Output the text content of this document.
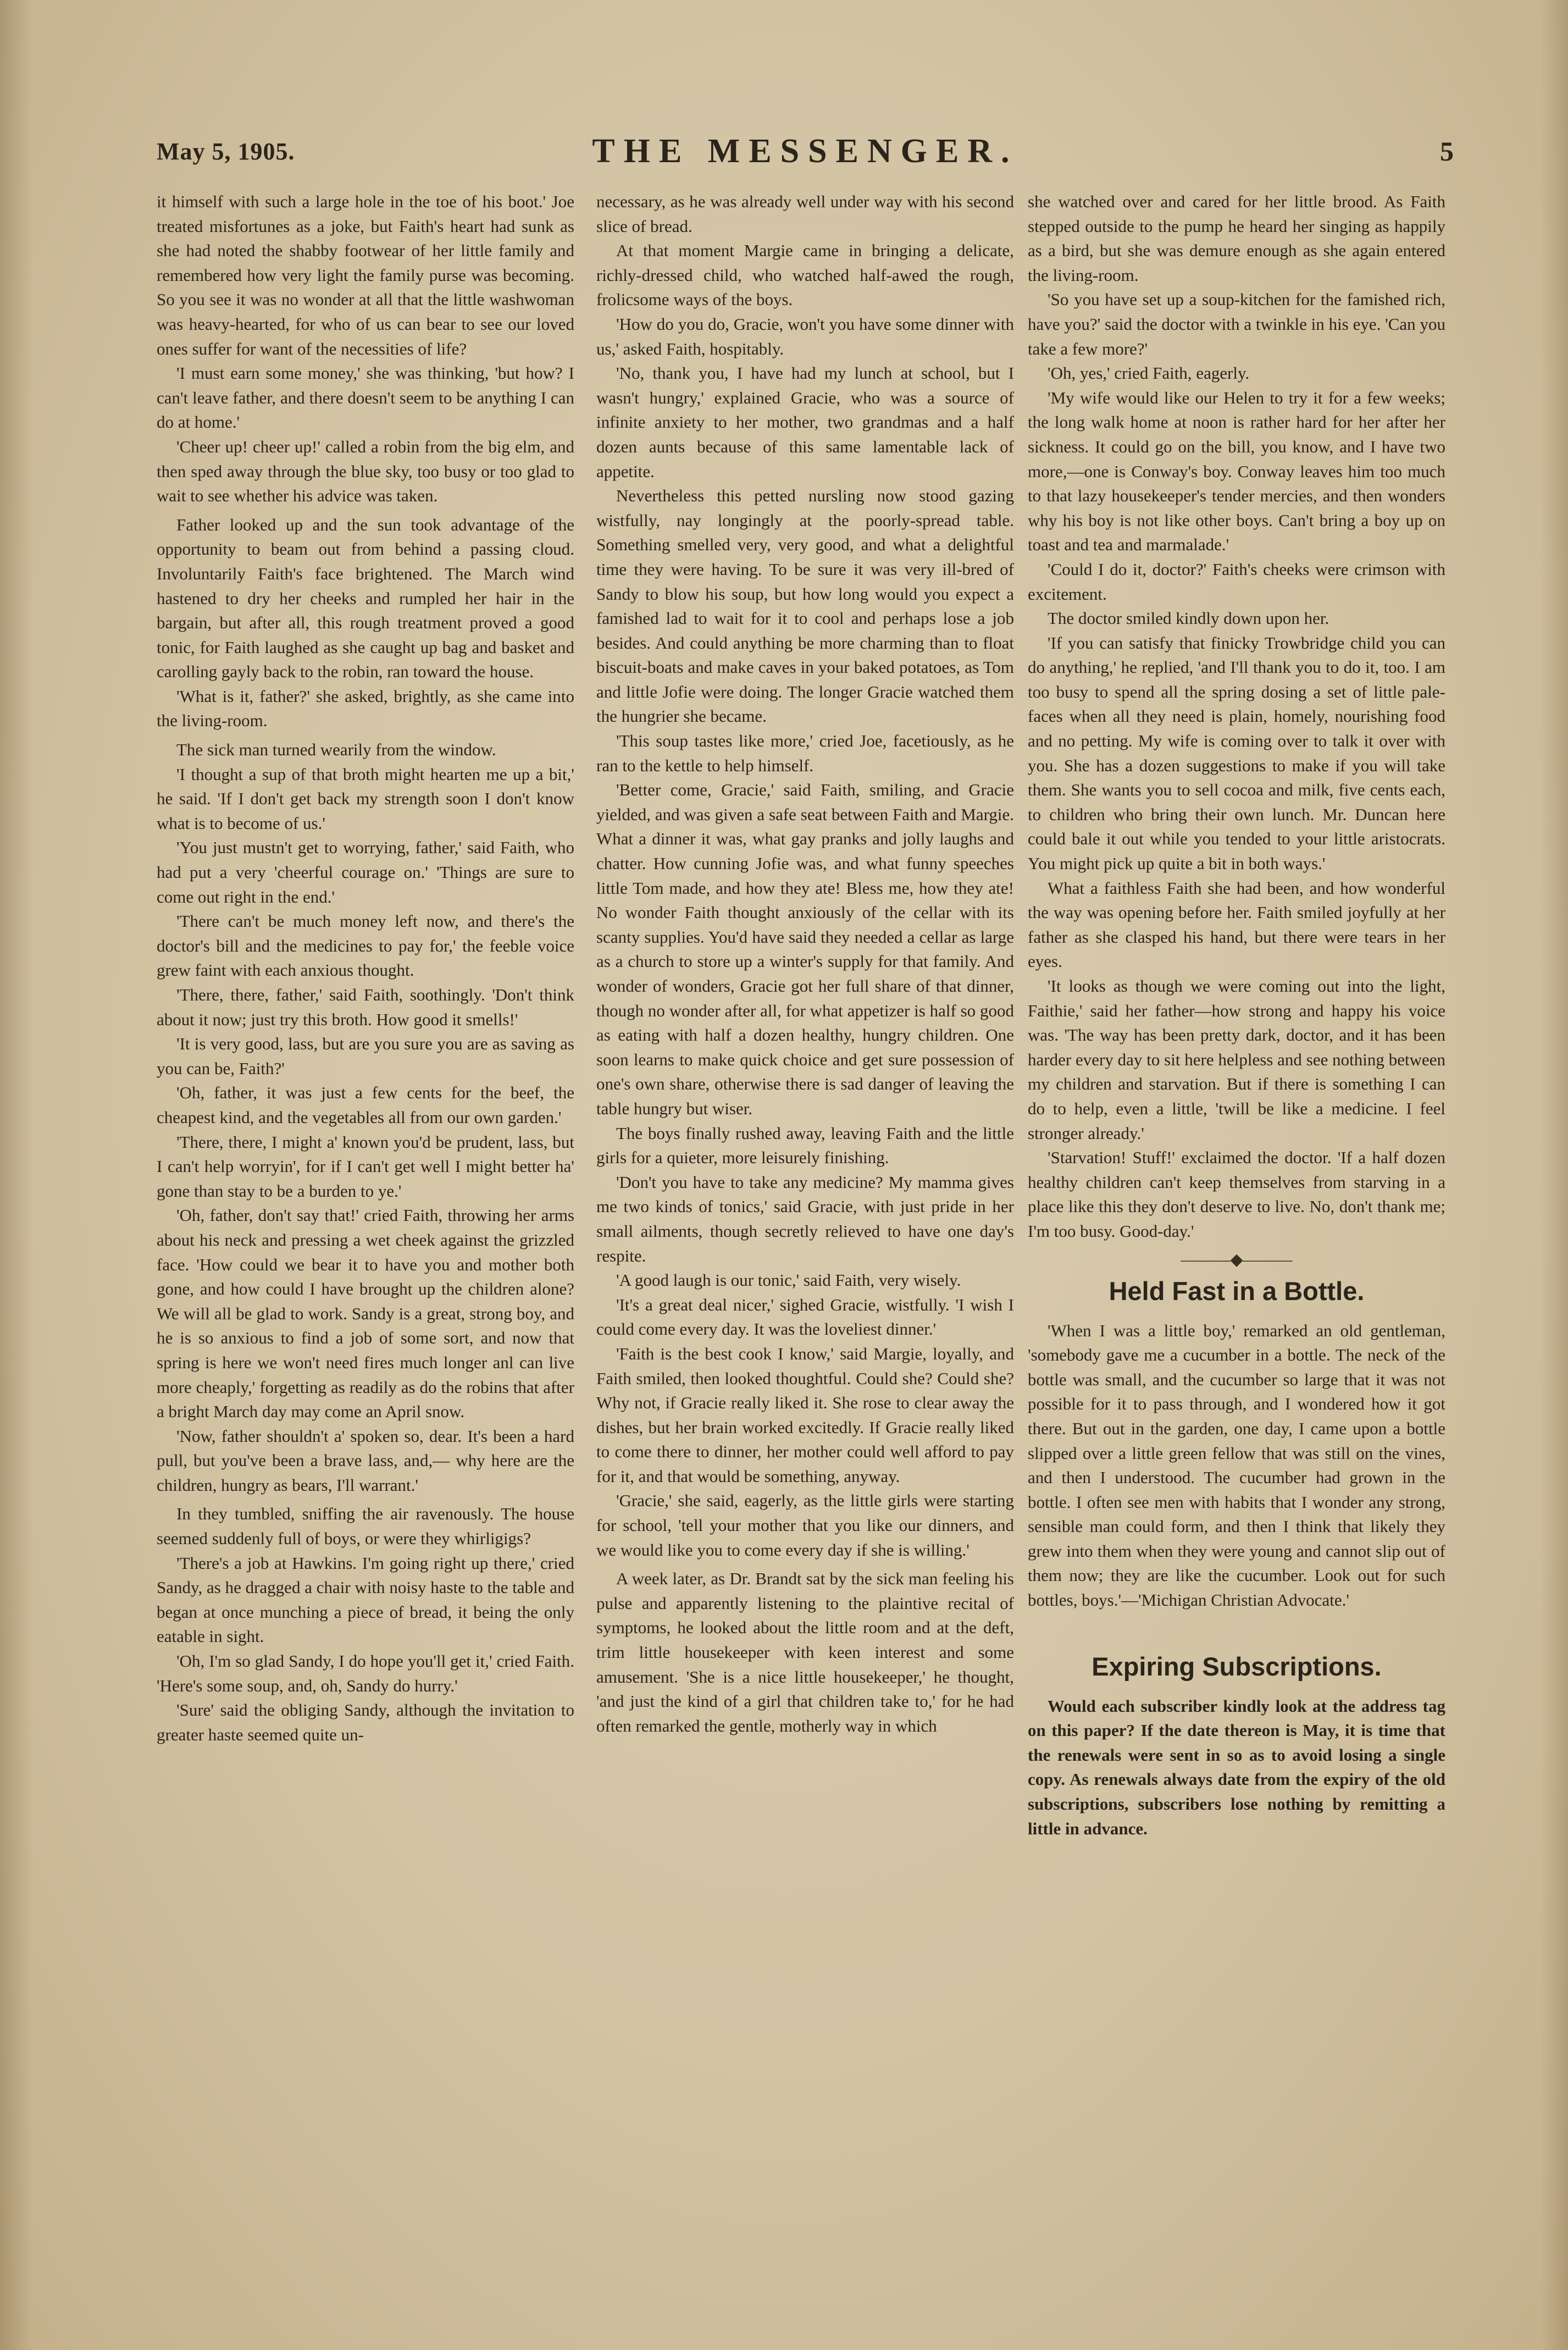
May 5, 1905.	THE MESSENGER.	5

it himself with such a large hole in the toe of his boot.' Joe treated misfortunes as a joke, but Faith's heart had sunk as she had noted the shabby footwear of her little family and remembered how very light the family purse was becoming. So you see it was no wonder at all that the little washwoman was heavy-hearted, for who of us can bear to see our loved ones suffer for want of the necessities of life?

'I must earn some money,' she was thinking, 'but how? I can't leave father, and there doesn't seem to be anything I can do at home.'

'Cheer up! cheer up!' called a robin from the big elm, and then sped away through the blue sky, too busy or too glad to wait to see whether his advice was taken.

Father looked up and the sun took advantage of the opportunity to beam out from behind a passing cloud. Involuntarily Faith's face brightened. The March wind hastened to dry her cheeks and rumpled her hair in the bargain, but after all, this rough treatment proved a good tonic, for Faith laughed as she caught up bag and basket and carolling gayly back to the robin, ran toward the house.

'What is it, father?' she asked, brightly, as she came into the living-room.

The sick man turned wearily from the window.

'I thought a sup of that broth might hearten me up a bit,' he said. 'If I don't get back my strength soon I don't know what is to become of us.'

'You just mustn't get to worrying, father,' said Faith, who had put a very 'cheerful courage on.' 'Things are sure to come out right in the end.'

'There can't be much money left now, and there's the doctor's bill and the medicines to pay for,' the feeble voice grew faint with each anxious thought.

'There, there, father,' said Faith, soothingly. 'Don't think about it now; just try this broth. How good it smells!'

'It is very good, lass, but are you sure you are as saving as you can be, Faith?'

'Oh, father, it was just a few cents for the beef, the cheapest kind, and the vegetables all from our own garden.'

'There, there, I might a' known you'd be prudent, lass, but I can't help worryin', for if I can't get well I might better ha' gone than stay to be a burden to ye.'

'Oh, father, don't say that!' cried Faith, throwing her arms about his neck and pressing a wet cheek against the grizzled face. 'How could we bear it to have you and mother both gone, and how could I have brought up the children alone? We will all be glad to work. Sandy is a great, strong boy, and he is so anxious to find a job of some sort, and now that spring is here we won't need fires much longer anl can live more cheaply,' forgetting as readily as do the robins that after a bright March day may come an April snow.

'Now, father shouldn't a' spoken so, dear. It's been a hard pull, but you've been a brave lass, and,— why here are the children, hungry as bears, I'll warrant.'

In they tumbled, sniffing the air ravenously. The house seemed suddenly full of boys, or were they whirligigs?

'There's a job at Hawkins. I'm going right up there,' cried Sandy, as he dragged a chair with noisy haste to the table and began at once munching a piece of bread, it being the only eatable in sight.

'Oh, I'm so glad Sandy, I do hope you'll get it,' cried Faith. 'Here's some soup, and, oh, Sandy do hurry.'

'Sure' said the obliging Sandy, although the invitation to greater haste seemed quite un-

necessary, as he was already well under way with his second slice of bread.

At that moment Margie came in bringing a delicate, richly-dressed child, who watched half-awed the rough, frolicsome ways of the boys.

'How do you do, Gracie, won't you have some dinner with us,' asked Faith, hospitably.

'No, thank you, I have had my lunch at school, but I wasn't hungry,' explained Gracie, who was a source of infinite anxiety to her mother, two grandmas and a half dozen aunts because of this same lamentable lack of appetite.

Nevertheless this petted nursling now stood gazing wistfully, nay longingly at the poorly-spread table. Something smelled very, very good, and what a delightful time they were having. To be sure it was very ill-bred of Sandy to blow his soup, but how long would you expect a famished lad to wait for it to cool and perhaps lose a job besides. And could anything be more charming than to float biscuit-boats and make caves in your baked potatoes, as Tom and little Jofie were doing. The longer Gracie watched them the hungrier she became.

'This soup tastes like more,' cried Joe, facetiously, as he ran to the kettle to help himself.

'Better come, Gracie,' said Faith, smiling, and Gracie yielded, and was given a safe seat between Faith and Margie. What a dinner it was, what gay pranks and jolly laughs and chatter. How cunning Jofie was, and what funny speeches little Tom made, and how they ate! Bless me, how they ate! No wonder Faith thought anxiously of the cellar with its scanty supplies. You'd have said they needed a cellar as large as a church to store up a winter's supply for that family. And wonder of wonders, Gracie got her full share of that dinner, though no wonder after all, for what appetizer is half so good as eating with half a dozen healthy, hungry children. One soon learns to make quick choice and get sure possession of one's own share, otherwise there is sad danger of leaving the table hungry but wiser.

The boys finally rushed away, leaving Faith and the little girls for a quieter, more leisurely finishing.

'Don't you have to take any medicine? My mamma gives me two kinds of tonics,' said Gracie, with just pride in her small ailments, though secretly relieved to have one day's respite.

'A good laugh is our tonic,' said Faith, very wisely.

'It's a great deal nicer,' sighed Gracie, wistfully. 'I wish I could come every day. It was the loveliest dinner.'

'Faith is the best cook I know,' said Margie, loyally, and Faith smiled, then looked thoughtful. Could she? Could she? Why not, if Gracie really liked it. She rose to clear away the dishes, but her brain worked excitedly. If Gracie really liked to come there to dinner, her mother could well afford to pay for it, and that would be something, anyway.

'Gracie,' she said, eagerly, as the little girls were starting for school, 'tell your mother that you like our dinners, and we would like you to come every day if she is willing.'

A week later, as Dr. Brandt sat by the sick man feeling his pulse and apparently listening to the plaintive recital of symptoms, he looked about the little room and at the deft, trim little housekeeper with keen interest and some amusement. 'She is a nice little housekeeper,' he thought, 'and just the kind of a girl that children take to,' for he had often remarked the gentle, motherly way in which

she watched over and cared for her little brood. As Faith stepped outside to the pump he heard her singing as happily as a bird, but she was demure enough as she again entered the living-room.

'So you have set up a soup-kitchen for the famished rich, have you?' said the doctor with a twinkle in his eye. 'Can you take a few more?'

'Oh, yes,' cried Faith, eagerly.

'My wife would like our Helen to try it for a few weeks; the long walk home at noon is rather hard for her after her sickness. It could go on the bill, you know, and I have two more,—one is Conway's boy. Conway leaves him too much to that lazy housekeeper's tender mercies, and then wonders why his boy is not like other boys. Can't bring a boy up on toast and tea and marmalade.'

'Could I do it, doctor?' Faith's cheeks were crimson with excitement.

The doctor smiled kindly down upon her.

'If you can satisfy that finicky Trowbridge child you can do anything,' he replied, 'and I'll thank you to do it, too. I am too busy to spend all the spring dosing a set of little pale-faces when all they need is plain, homely, nourishing food and no petting. My wife is coming over to talk it over with you. She has a dozen suggestions to make if you will take them. She wants you to sell cocoa and milk, five cents each, to children who bring their own lunch. Mr. Duncan here could bale it out while you tended to your little aristocrats. You might pick up quite a bit in both ways.'

What a faithless Faith she had been, and how wonderful the way was opening before her. Faith smiled joyfully at her father as she clasped his hand, but there were tears in her eyes.

'It looks as though we were coming out into the light, Faithie,' said her father—how strong and happy his voice was. 'The way has been pretty dark, doctor, and it has been harder every day to sit here helpless and see nothing between my children and starvation. But if there is something I can do to help, even a little, 'twill be like a medicine. I feel stronger already.'

'Starvation! Stuff!' exclaimed the doctor. 'If a half dozen healthy children can't keep themselves from starving in a place like this they don't deserve to live. No, don't thank me; I'm too busy. Good-day.'

———◆———
Held Fast in a Bottle.

'When I was a little boy,' remarked an old gentleman, 'somebody gave me a cucumber in a bottle. The neck of the bottle was small, and the cucumber so large that it was not possible for it to pass through, and I wondered how it got there. But out in the garden, one day, I came upon a bottle slipped over a little green fellow that was still on the vines, and then I understood. The cucumber had grown in the bottle. I often see men with habits that I wonder any strong, sensible man could form, and then I think that likely they grew into them when they were young and cannot slip out of them now; they are like the cucumber. Look out for such bottles, boys.'—'Michigan Christian Advocate.'

Expiring Subscriptions.

Would each subscriber kindly look at the address tag on this paper? If the date thereon is May, it is time that the renewals were sent in so as to avoid losing a single copy. As renewals always date from the expiry of the old subscriptions, subscribers lose nothing by remitting a little in advance.
